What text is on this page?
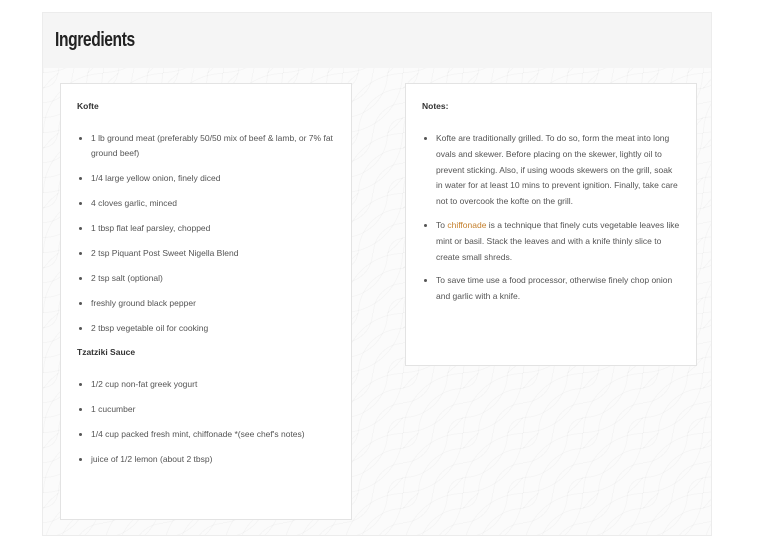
Ingredients
Kofte
• 1 lb ground meat (preferably 50/50 mix of beef & lamb, or 7% fat ground beef)
• 1/4 large yellow onion, finely diced
• 4 cloves garlic, minced
• 1 tbsp flat leaf parsley, chopped
• 2 tsp Piquant Post Sweet Nigella Blend
• 2 tsp salt (optional)
• freshly ground black pepper
• 2 tbsp vegetable oil for cooking
Tzatziki Sauce
• 1/2 cup non-fat greek yogurt
• 1 cucumber
• 1/4 cup packed fresh mint, chiffonade *(see chef's notes)
• juice of 1/2 lemon (about 2 tbsp)
Notes:
• Kofte are traditionally grilled. To do so, form the meat into long ovals and skewer. Before placing on the skewer, lightly oil to prevent sticking. Also, if using woods skewers on the grill, soak in water for at least 10 mins to prevent ignition. Finally, take care not to overcook the kofte on the grill.
• To chiffonade is a technique that finely cuts vegetable leaves like mint or basil. Stack the leaves and with a knife thinly slice to create small shreds.
• To save time use a food processor, otherwise finely chop onion and garlic with a knife.
